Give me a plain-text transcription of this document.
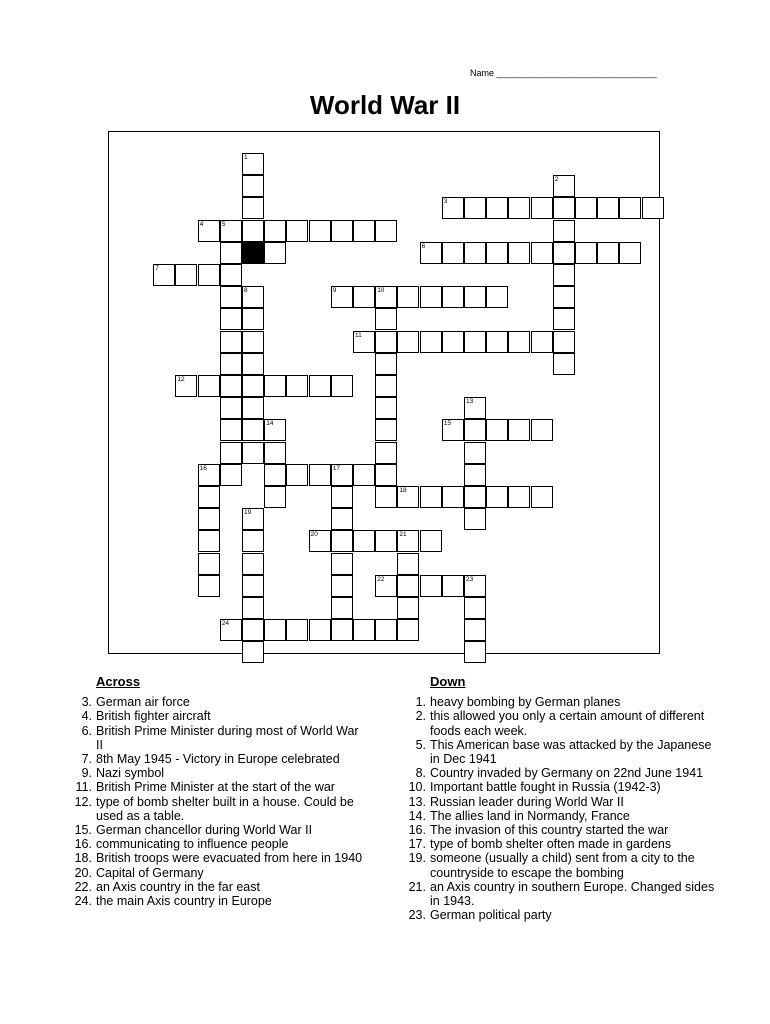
Name ________________________________
World War II
1
2
3
4	5
6
7
8	9	10
11
12
13
14	15
16	17
18
19
20	21
22	23
24
Across
3. German air force
4. British fighter aircraft
6. British Prime Minister during most of World War II
7. 8th May 1945 - Victory in Europe celebrated
9. Nazi symbol
11. British Prime Minister at the start of the war
12. type of bomb shelter built in a house. Could be used as a table.
15. German chancellor during World War II
16. communicating to influence people
18. British troops were evacuated from here in 1940
20. Capital of Germany
22. an Axis country in the far east
24. the main Axis country in Europe
Down
1. heavy bombing by German planes
2. this allowed you only a certain amount of different foods each week.
5. This American base was attacked by the Japanese in Dec 1941
8. Country invaded by Germany on 22nd June 1941
10. Important battle fought in Russia (1942-3)
13. Russian leader during World War II
14. The allies land in Normandy, France
16. The invasion of this country started the war
17. type of bomb shelter often made in gardens
19. someone (usually a child) sent from a city to the countryside to escape the bombing
21. an Axis country in southern Europe. Changed sides in 1943.
23. German political party
